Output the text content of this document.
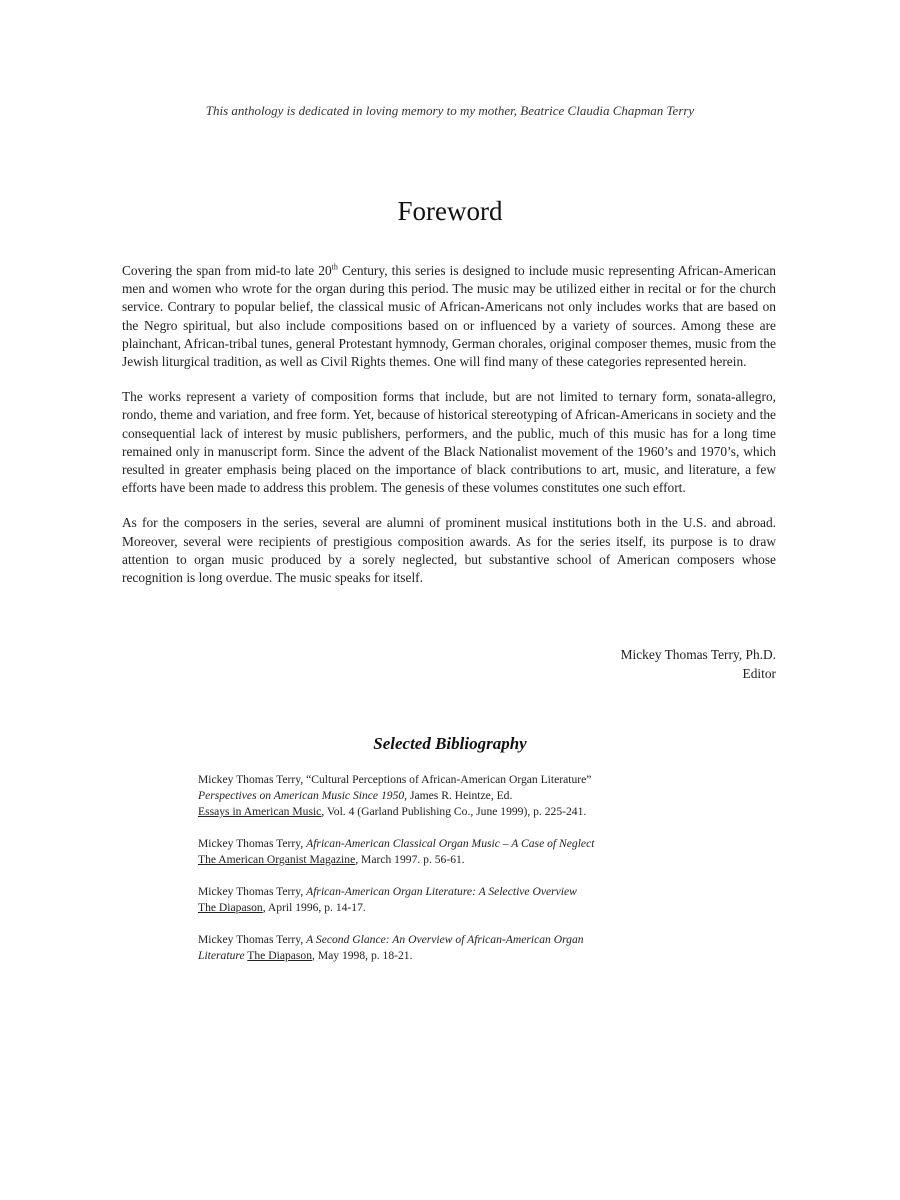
This anthology is dedicated in loving memory to my mother, Beatrice Claudia Chapman Terry
Foreword

Covering the span from mid-to late 20th Century, this series is designed to include music representing African-American men and women who wrote for the organ during this period. The music may be utilized either in recital or for the church service. Contrary to popular belief, the classical music of African-Americans not only includes works that are based on the Negro spiritual, but also include compositions based on or influenced by a variety of sources. Among these are plainchant, African-tribal tunes, general Protestant hymnody, German chorales, original composer themes, music from the Jewish liturgical tradition, as well as Civil Rights themes. One will find many of these categories represented herein.

The works represent a variety of composition forms that include, but are not limited to ternary form, sonata-allegro, rondo, theme and variation, and free form. Yet, because of historical stereotyping of African-Americans in society and the consequential lack of interest by music publishers, performers, and the public, much of this music has for a long time remained only in manuscript form. Since the advent of the Black Nationalist movement of the 1960’s and 1970’s, which resulted in greater emphasis being placed on the importance of black contributions to art, music, and literature, a few efforts have been made to address this problem. The genesis of these volumes constitutes one such effort.

As for the composers in the series, several are alumni of prominent musical institutions both in the U.S. and abroad. Moreover, several were recipients of prestigious composition awards. As for the series itself, its purpose is to draw attention to organ music produced by a sorely neglected, but substantive school of American composers whose recognition is long overdue. The music speaks for itself.

Mickey Thomas Terry, Ph.D.
Editor
Selected Bibliography
Mickey Thomas Terry, “Cultural Perceptions of African-American Organ Literature”
Perspectives on American Music Since 1950, James R. Heintze, Ed.
Essays in American Music, Vol. 4 (Garland Publishing Co., June 1999), p. 225-241.
Mickey Thomas Terry, African-American Classical Organ Music – A Case of Neglect
The American Organist Magazine, March 1997. p. 56-61.
Mickey Thomas Terry, African-American Organ Literature: A Selective Overview
The Diapason, April 1996, p. 14-17.
Mickey Thomas Terry, A Second Glance: An Overview of African-American Organ
Literature The Diapason, May 1998, p. 18-21.
